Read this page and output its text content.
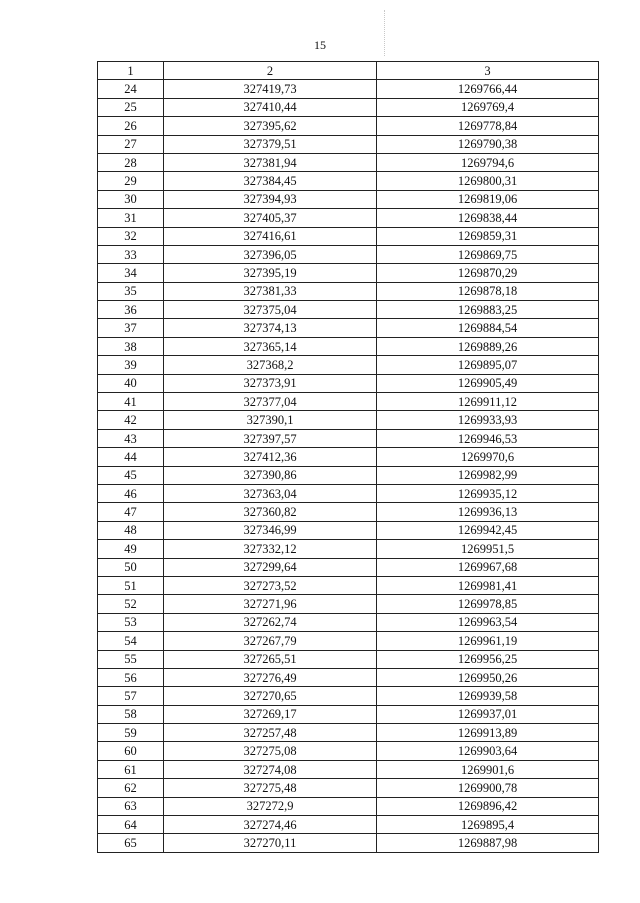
15
1	2	3
24	327419,73	1269766,44
25	327410,44	1269769,4
26	327395,62	1269778,84
27	327379,51	1269790,38
28	327381,94	1269794,6
29	327384,45	1269800,31
30	327394,93	1269819,06
31	327405,37	1269838,44
32	327416,61	1269859,31
33	327396,05	1269869,75
34	327395,19	1269870,29
35	327381,33	1269878,18
36	327375,04	1269883,25
37	327374,13	1269884,54
38	327365,14	1269889,26
39	327368,2	1269895,07
40	327373,91	1269905,49
41	327377,04	1269911,12
42	327390,1	1269933,93
43	327397,57	1269946,53
44	327412,36	1269970,6
45	327390,86	1269982,99
46	327363,04	1269935,12
47	327360,82	1269936,13
48	327346,99	1269942,45
49	327332,12	1269951,5
50	327299,64	1269967,68
51	327273,52	1269981,41
52	327271,96	1269978,85
53	327262,74	1269963,54
54	327267,79	1269961,19
55	327265,51	1269956,25
56	327276,49	1269950,26
57	327270,65	1269939,58
58	327269,17	1269937,01
59	327257,48	1269913,89
60	327275,08	1269903,64
61	327274,08	1269901,6
62	327275,48	1269900,78
63	327272,9	1269896,42
64	327274,46	1269895,4
65	327270,11	1269887,98
